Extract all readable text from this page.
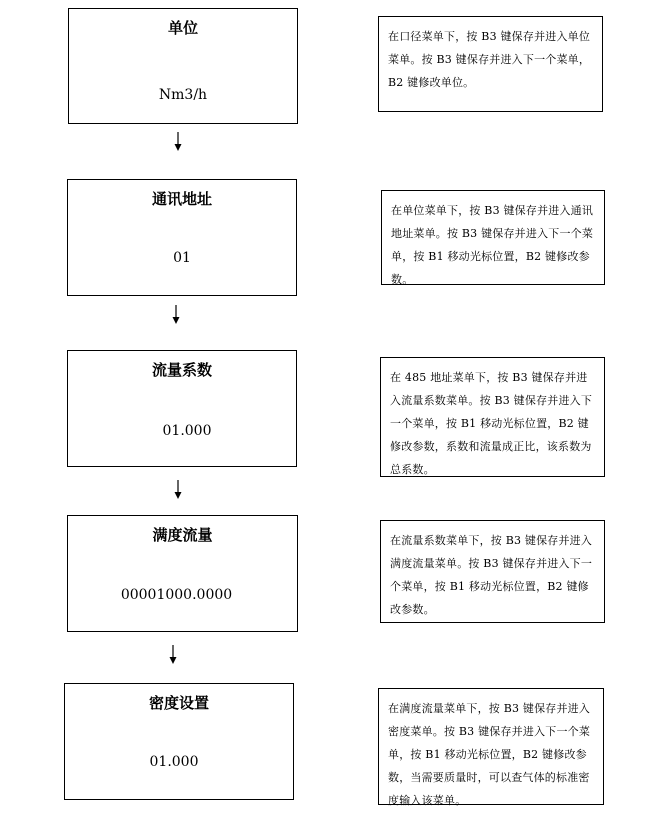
单位
Nm3/h
在口径菜单下，按 B3 键保存并进入单位菜单。按 B3 键保存并进入下一个菜单，B2 键修改单位。
通讯地址
01
在单位菜单下，按 B3 键保存并进入通讯地址菜单。按 B3 键保存并进入下一个菜单，按 B1 移动光标位置，B2 键修改参数。
流量系数
01.000
在 485 地址菜单下，按 B3 键保存并进入流量系数菜单。按 B3 键保存并进入下一个菜单，按 B1 移动光标位置，B2 键修改参数，系数和流量成正比，该系数为总系数。
满度流量
00001000.0000
在流量系数菜单下，按 B3 键保存并进入满度流量菜单。按 B3 键保存并进入下一个菜单，按 B1 移动光标位置，B2 键修改参数。
密度设置
01.000
在满度流量菜单下，按 B3 键保存并进入密度菜单。按 B3 键保存并进入下一个菜单，按 B1 移动光标位置，B2 键修改参数，当需要质量时，可以查气体的标准密度输入该菜单。
